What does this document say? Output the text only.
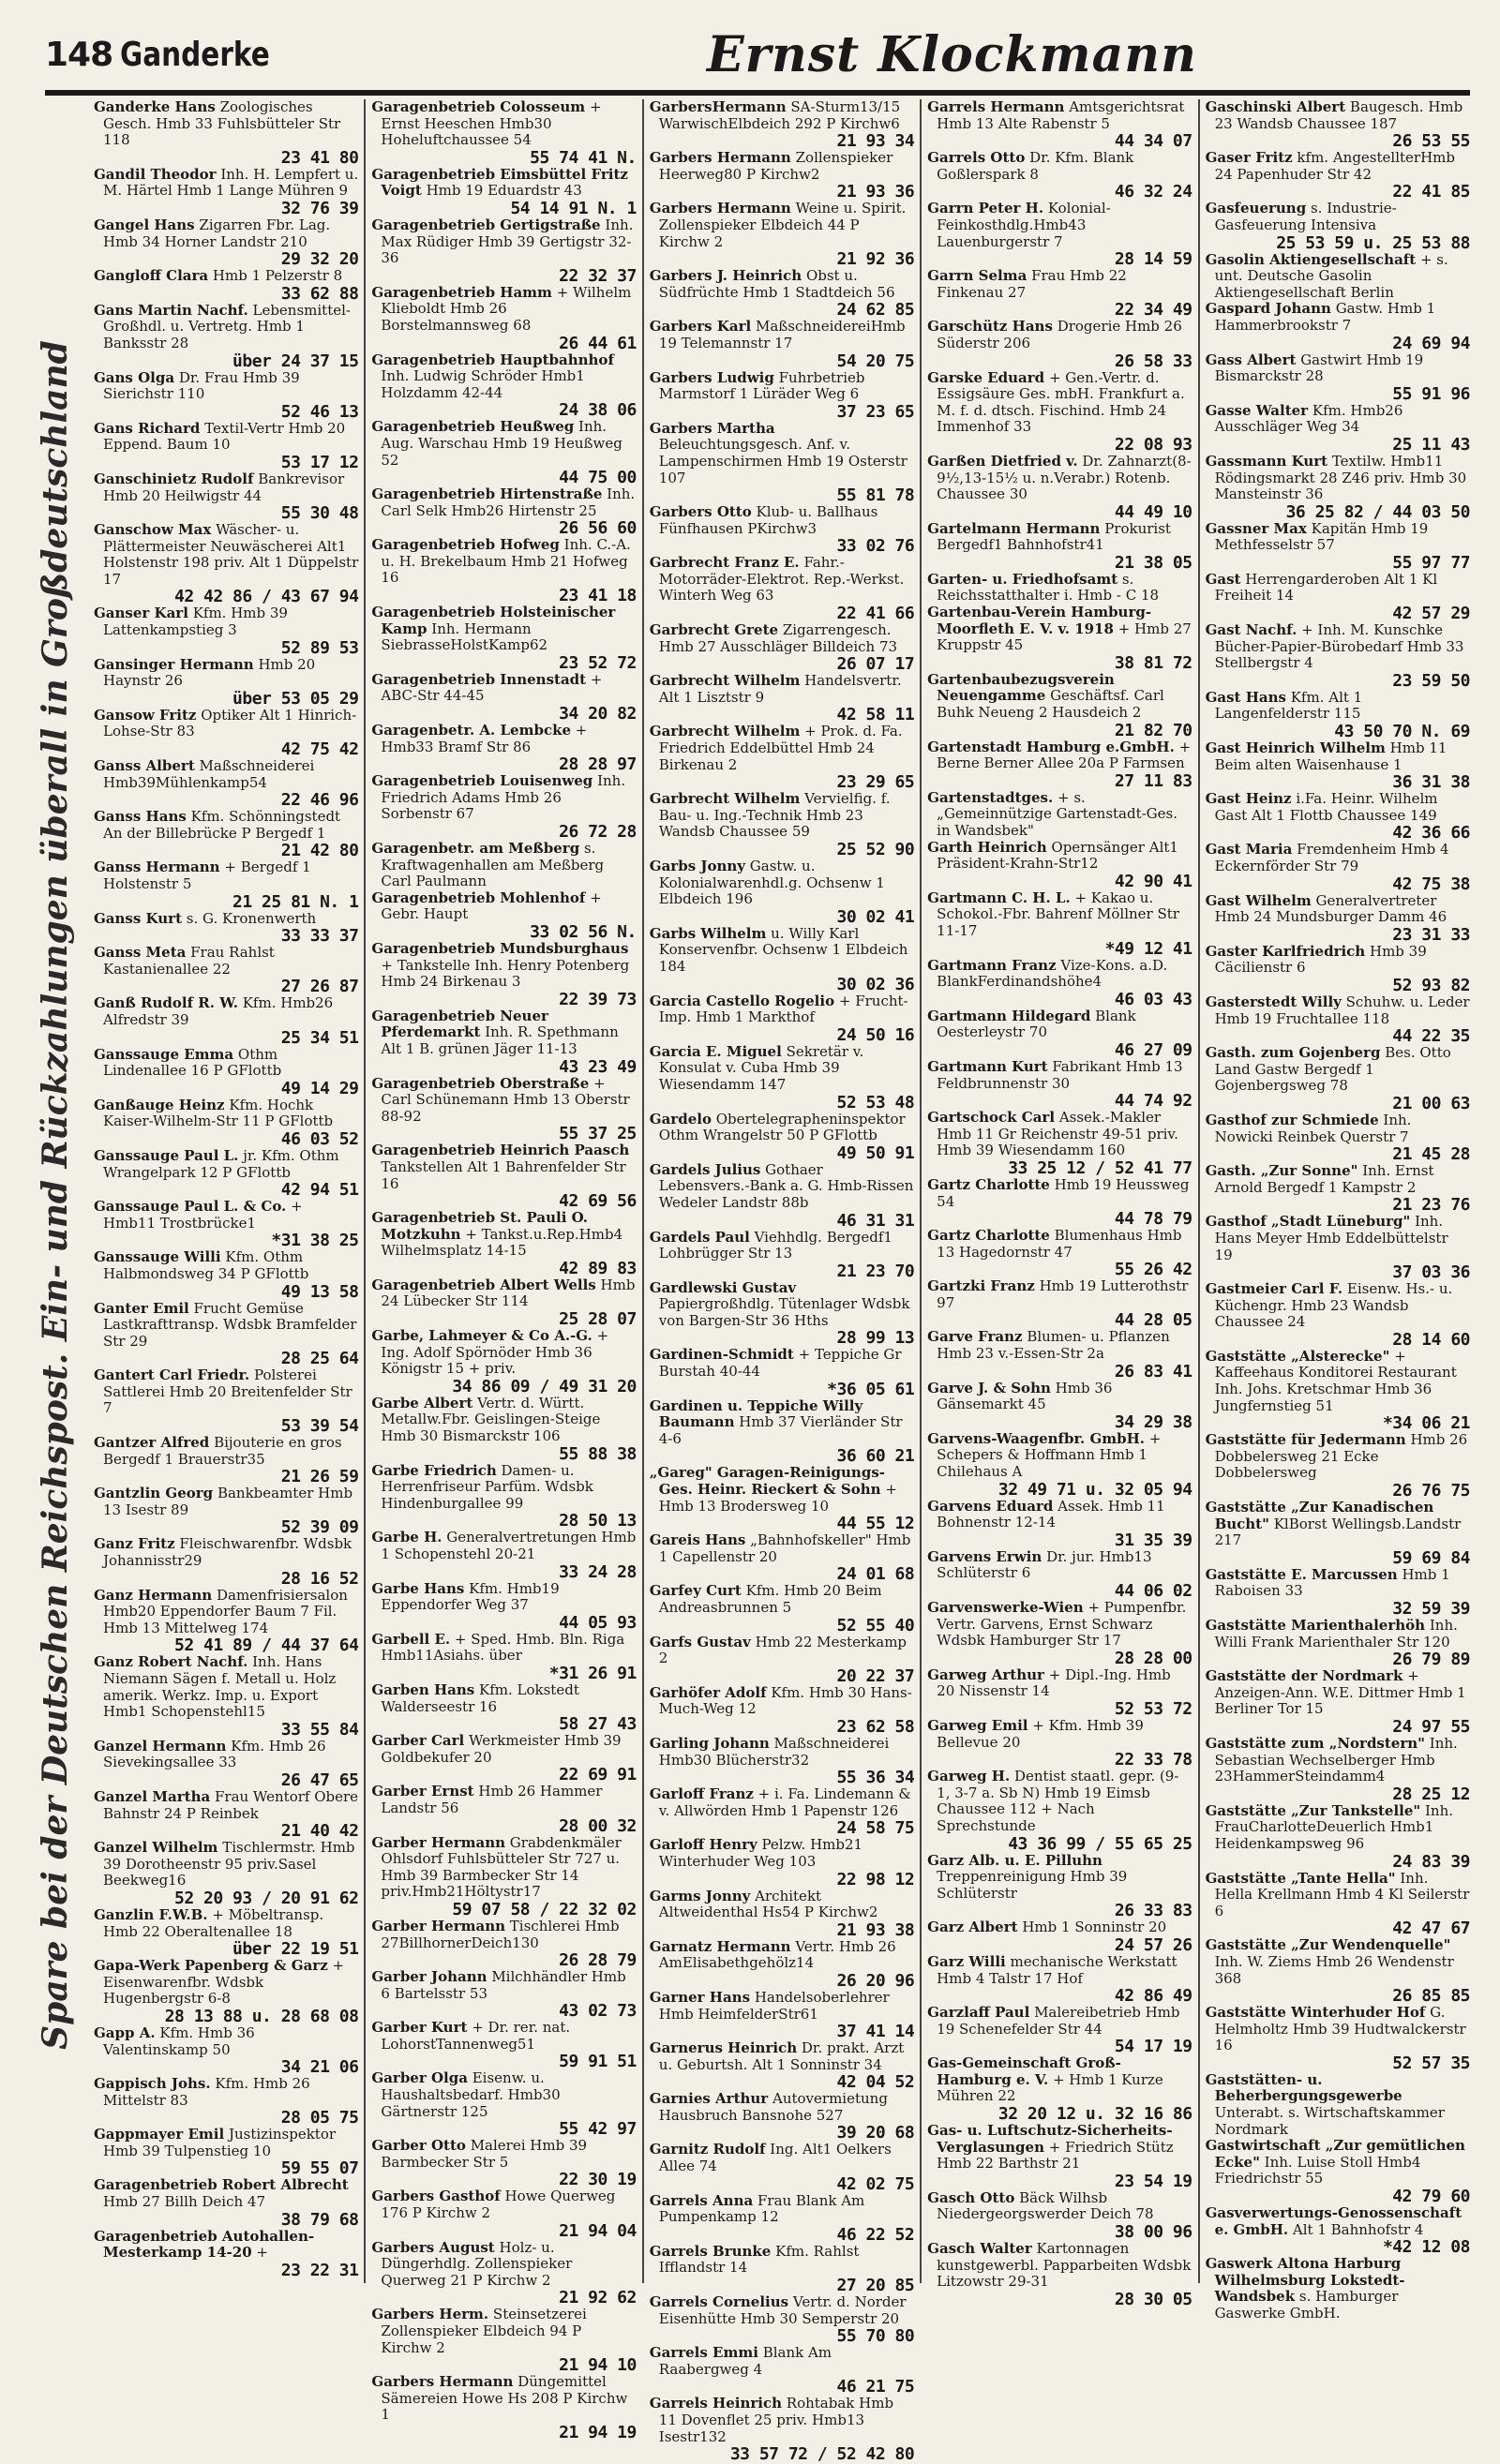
148 Ganderke	Ernst Klockmann
Spare bei der Deutschen Reichspost. Ein- und Rückzahlungen überall in Großdeutschland
Ganderke Hans Zoologisches Gesch. Hmb 33 Fuhlsbütteler Str 118
23 41 80
Gandil Theodor Inh. H. Lempfert u. M. Härtel Hmb 1 Lange Mühren 9
32 76 39
Gangel Hans Zigarren Fbr. Lag. Hmb 34 Horner Landstr 210
29 32 20
Gangloff Clara Hmb 1 Pelzerstr 8
33 62 88
Gans Martin Nachf. Lebensmittel-Großhdl. u. Vertretg. Hmb 1 Banksstr 28
über 24 37 15
Gans Olga Dr. Frau Hmb 39 Sierichstr 110
52 46 13
Gans Richard Textil-Vertr Hmb 20 Eppend. Baum 10
53 17 12
Ganschinietz Rudolf Bankrevisor Hmb 20 Heilwigstr 44
55 30 48
Ganschow Max Wäscher- u. Plättermeister Neuwäscherei Alt1 Holstenstr 198 priv. Alt 1 Düppelstr 17
42 42 86 / 43 67 94
Ganser Karl Kfm. Hmb 39 Lattenkampstieg 3
52 89 53
Gansinger Hermann Hmb 20 Haynstr 26
über 53 05 29
Gansow Fritz Optiker Alt 1 Hinrich-Lohse-Str 83
42 75 42
Ganss Albert Maßschneiderei Hmb39Mühlenkamp54
22 46 96
Ganss Hans Kfm. Schönningstedt An der Billebrücke P Bergedf 1
21 42 80
Ganss Hermann + Bergedf 1 Holstenstr 5
21 25 81 N. 1
Ganss Kurt s. G. Kronenwerth
33 33 37
Ganss Meta Frau Rahlst Kastanienallee 22
27 26 87
Ganß Rudolf R. W. Kfm. Hmb26 Alfredstr 39
25 34 51
Ganssauge Emma Othm Lindenallee 16 P GFlottb
49 14 29
Ganßauge Heinz Kfm. Hochk Kaiser-Wilhelm-Str 11 P GFlottb
46 03 52
Ganssauge Paul L. jr. Kfm. Othm Wrangelpark 12 P GFlottb
42 94 51
Ganssauge Paul L. & Co. + Hmb11 Trostbrücke1
*31 38 25
Ganssauge Willi Kfm. Othm Halbmondsweg 34 P GFlottb
49 13 58
Ganter Emil Frucht Gemüse Lastkrafttransp. Wdsbk Bramfelder Str 29
28 25 64
Gantert Carl Friedr. Polsterei Sattlerei Hmb 20 Breitenfelder Str 7
53 39 54
Gantzer Alfred Bijouterie en gros Bergedf 1 Brauerstr35
21 26 59
Gantzlin Georg Bankbeamter Hmb 13 Isestr 89
52 39 09
Ganz Fritz Fleischwarenfbr. Wdsbk Johannisstr29
28 16 52
Ganz Hermann Damenfrisiersalon Hmb20 Eppendorfer Baum 7 Fil. Hmb 13 Mittelweg 174
52 41 89 / 44 37 64
Ganz Robert Nachf. Inh. Hans Niemann Sägen f. Metall u. Holz amerik. Werkz. Imp. u. Export Hmb1 Schopenstehl15
33 55 84
Ganzel Hermann Kfm. Hmb 26 Sievekingsallee 33
26 47 65
Ganzel Martha Frau Wentorf Obere Bahnstr 24 P Reinbek
21 40 42
Ganzel Wilhelm Tischlermstr. Hmb 39 Dorotheenstr 95 priv.Sasel Beekweg16
52 20 93 / 20 91 62
Ganzlin F.W.B. + Möbeltransp. Hmb 22 Oberaltenallee 18
über 22 19 51
Gapa-Werk Papenberg & Garz + Eisenwarenfbr. Wdsbk Hugenbergstr 6-8
28 13 88 u. 28 68 08
Gapp A. Kfm. Hmb 36 Valentinskamp 50
34 21 06
Gappisch Johs. Kfm. Hmb 26 Mittelstr 83
28 05 75
Gappmayer Emil Justizinspektor Hmb 39 Tulpenstieg 10
59 55 07
Garagenbetrieb Robert Albrecht Hmb 27 Billh Deich 47
38 79 68
Garagenbetrieb Autohallen-Mesterkamp 14-20 +
23 22 31
Garagenbetrieb Colosseum + Ernst Heeschen Hmb30 Hoheluftchaussee 54
55 74 41 N.
Garagenbetrieb Eimsbüttel Fritz Voigt Hmb 19 Eduardstr 43
54 14 91 N. 1
Garagenbetrieb Gertigstraße Inh. Max Rüdiger Hmb 39 Gertigstr 32-36
22 32 37
Garagenbetrieb Hamm + Wilhelm Klieboldt Hmb 26 Borstelmannsweg 68
26 44 61
Garagenbetrieb Hauptbahnhof Inh. Ludwig Schröder Hmb1 Holzdamm 42-44
24 38 06
Garagenbetrieb Heußweg Inh. Aug. Warschau Hmb 19 Heußweg 52
44 75 00
Garagenbetrieb Hirtenstraße Inh. Carl Selk Hmb26 Hirtenstr 25
26 56 60
Garagenbetrieb Hofweg Inh. C.-A. u. H. Brekelbaum Hmb 21 Hofweg 16
23 41 18
Garagenbetrieb Holsteinischer Kamp Inh. Hermann SiebrasseHolstKamp62
23 52 72
Garagenbetrieb Innenstadt + ABC-Str 44-45
34 20 82
Garagenbetr. A. Lembcke + Hmb33 Bramf Str 86
28 28 97
Garagenbetrieb Louisenweg Inh. Friedrich Adams Hmb 26 Sorbenstr 67
26 72 28
Garagenbetr. am Meßberg s. Kraftwagenhallen am Meßberg Carl Paulmann
Garagenbetrieb Mohlenhof + Gebr. Haupt
33 02 56 N.
Garagenbetrieb Mundsburghaus + Tankstelle Inh. Henry Potenberg Hmb 24 Birkenau 3
22 39 73
Garagenbetrieb Neuer Pferdemarkt Inh. R. Spethmann Alt 1 B. grünen Jäger 11-13
43 23 49
Garagenbetrieb Oberstraße + Carl Schünemann Hmb 13 Oberstr 88-92
55 37 25
Garagenbetrieb Heinrich Paasch Tankstellen Alt 1 Bahrenfelder Str 16
42 69 56
Garagenbetrieb St. Pauli O. Motzkuhn + Tankst.u.Rep.Hmb4 Wilhelmsplatz 14-15
42 89 83
Garagenbetrieb Albert Wells Hmb 24 Lübecker Str 114
25 28 07
Garbe, Lahmeyer & Co A.-G. + Ing. Adolf Spörnöder Hmb 36 Königstr 15 + priv.
34 86 09 / 49 31 20
Garbe Albert Vertr. d. Württ. Metallw.Fbr. Geislingen-Steige Hmb 30 Bismarckstr 106
55 88 38
Garbe Friedrich Damen- u. Herrenfriseur Parfüm. Wdsbk Hindenburgallee 99
28 50 13
Garbe H. Generalvertretungen Hmb 1 Schopenstehl 20-21
33 24 28
Garbe Hans Kfm. Hmb19 Eppendorfer Weg 37
44 05 93
Garbell E. + Sped. Hmb. Bln. Riga Hmb11Asiahs. über
*31 26 91
Garben Hans Kfm. Lokstedt Walderseestr 16
58 27 43
Garber Carl Werkmeister Hmb 39 Goldbekufer 20
22 69 91
Garber Ernst Hmb 26 Hammer Landstr 56
28 00 32
Garber Hermann Grabdenkmäler Ohlsdorf Fuhlsbütteler Str 727 u. Hmb 39 Barmbecker Str 14 priv.Hmb21Höltystr17
59 07 58 / 22 32 02
Garber Hermann Tischlerei Hmb 27BillhornerDeich130
26 28 79
Garber Johann Milchhändler Hmb 6 Bartelsstr 53
43 02 73
Garber Kurt + Dr. rer. nat. LohorstTannenweg51
59 91 51
Garber Olga Eisenw. u. Haushaltsbedarf. Hmb30 Gärtnerstr 125
55 42 97
Garber Otto Malerei Hmb 39 Barmbecker Str 5
22 30 19
Garbers Gasthof Howe Querweg 176 P Kirchw 2
21 94 04
Garbers August Holz- u. Düngerhdlg. Zollenspieker Querweg 21 P Kirchw 2
21 92 62
Garbers Herm. Steinsetzerei Zollenspieker Elbdeich 94 P Kirchw 2
21 94 10
Garbers Hermann Düngemittel Sämereien Howe Hs 208 P Kirchw 1
21 94 19
GarbersHermann SA-Sturm13/15 WarwischElbdeich 292 P Kirchw6
21 93 34
Garbers Hermann Zollenspieker Heerweg80 P Kirchw2
21 93 36
Garbers Hermann Weine u. Spirit. Zollenspieker Elbdeich 44 P Kirchw 2
21 92 36
Garbers J. Heinrich Obst u. Südfrüchte Hmb 1 Stadtdeich 56
24 62 85
Garbers Karl MaßschneidereiHmb 19 Telemannstr 17
54 20 75
Garbers Ludwig Fuhrbetrieb Marmstorf 1 Lüräder Weg 6
37 23 65
Garbers Martha Beleuchtungsgesch. Anf. v. Lampenschirmen Hmb 19 Osterstr 107
55 81 78
Garbers Otto Klub- u. Ballhaus Fünfhausen PKirchw3
33 02 76
Garbrecht Franz E. Fahr.-Motorräder-Elektrot. Rep.-Werkst. Winterh Weg 63
22 41 66
Garbrecht Grete Zigarrengesch. Hmb 27 Ausschläger Billdeich 73
26 07 17
Garbrecht Wilhelm Handelsvertr. Alt 1 Lisztstr 9
42 58 11
Garbrecht Wilhelm + Prok. d. Fa. Friedrich Eddelbüttel Hmb 24 Birkenau 2
23 29 65
Garbrecht Wilhelm Vervielfig. f. Bau- u. Ing.-Technik Hmb 23 Wandsb Chaussee 59
25 52 90
Garbs Jonny Gastw. u. Kolonialwarenhdl.g. Ochsenw 1 Elbdeich 196
30 02 41
Garbs Wilhelm u. Willy Karl Konservenfbr. Ochsenw 1 Elbdeich 184
30 02 36
Garcia Castello Rogelio + Frucht-Imp. Hmb 1 Markthof
24 50 16
Garcia E. Miguel Sekretär v. Konsulat v. Cuba Hmb 39 Wiesendamm 147
52 53 48
Gardelo Obertelegrapheninspektor Othm Wrangelstr 50 P GFlottb
49 50 91
Gardels Julius Gothaer Lebensvers.-Bank a. G. Hmb-Rissen Wedeler Landstr 88b
46 31 31
Gardels Paul Viehhdlg. Bergedf1 Lohbrügger Str 13
21 23 70
Gardlewski Gustav Papiergroßhdlg. Tütenlager Wdsbk von Bargen-Str 36 Hths
28 99 13
Gardinen-Schmidt + Teppiche Gr Burstah 40-44
*36 05 61
Gardinen u. Teppiche Willy Baumann Hmb 37 Vierländer Str 4-6
36 60 21
„Gareg" Garagen-Reinigungs-Ges. Heinr. Rieckert & Sohn + Hmb 13 Brodersweg 10
44 55 12
Gareis Hans „Bahnhofskeller" Hmb 1 Capellenstr 20
24 01 68
Garfey Curt Kfm. Hmb 20 Beim Andreasbrunnen 5
52 55 40
Garfs Gustav Hmb 22 Mesterkamp 2
20 22 37
Garhöfer Adolf Kfm. Hmb 30 Hans-Much-Weg 12
23 62 58
Garling Johann Maßschneiderei Hmb30 Blücherstr32
55 36 34
Garloff Franz + i. Fa. Lindemann & v. Allwörden Hmb 1 Papenstr 126
24 58 75
Garloff Henry Pelzw. Hmb21 Winterhuder Weg 103
22 98 12
Garms Jonny Architekt Altweidenthal Hs54 P Kirchw2
21 93 38
Garnatz Hermann Vertr. Hmb 26 AmElisabethgehölz14
26 20 96
Garner Hans Handelsoberlehrer Hmb HeimfelderStr61
37 41 14
Garnerus Heinrich Dr. prakt. Arzt u. Geburtsh. Alt 1 Sonninstr 34
42 04 52
Garnies Arthur Autovermietung Hausbruch Bansnohe 527
39 20 68
Garnitz Rudolf Ing. Alt1 Oelkers Allee 74
42 02 75
Garrels Anna Frau Blank Am Pumpenkamp 12
46 22 52
Garrels Brunke Kfm. Rahlst Ifflandstr 14
27 20 85
Garrels Cornelius Vertr. d. Norder Eisenhütte Hmb 30 Semperstr 20
55 70 80
Garrels Emmi Blank Am Raabergweg 4
46 21 75
Garrels Heinrich Rohtabak Hmb 11 Dovenflet 25 priv. Hmb13 Isestr132
33 57 72 / 52 42 80
Garrels Hermann Amtsgerichtsrat Hmb 13 Alte Rabenstr 5
44 34 07
Garrels Otto Dr. Kfm. Blank Goßlerspark 8
46 32 24
Garrn Peter H. Kolonial- Feinkosthdlg.Hmb43 Lauenburgerstr 7
28 14 59
Garrn Selma Frau Hmb 22 Finkenau 27
22 34 49
Garschütz Hans Drogerie Hmb 26 Süderstr 206
26 58 33
Garske Eduard + Gen.-Vertr. d. Essigsäure Ges. mbH. Frankfurt a. M. f. d. dtsch. Fischind. Hmb 24 Immenhof 33
22 08 93
Garßen Dietfried v. Dr. Zahnarzt(8-9½,13-15½ u. n.Verabr.) Rotenb. Chaussee 30
44 49 10
Gartelmann Hermann Prokurist Bergedf1 Bahnhofstr41
21 38 05
Garten- u. Friedhofsamt s. Reichsstatthalter i. Hmb - C 18
Gartenbau-Verein Hamburg-Moorfleth E. V. v. 1918 + Hmb 27 Kruppstr 45
38 81 72
Gartenbaubezugsverein Neuengamme Geschäftsf. Carl Buhk Neueng 2 Hausdeich 2
21 82 70
Gartenstadt Hamburg e.GmbH. + Berne Berner Allee 20a P Farmsen
27 11 83
Gartenstadtges. + s. „Gemeinnützige Gartenstadt-Ges. in Wandsbek"
Garth Heinrich Opernsänger Alt1 Präsident-Krahn-Str12
42 90 41
Gartmann C. H. L. + Kakao u. Schokol.-Fbr. Bahrenf Möllner Str 11-17
*49 12 41
Gartmann Franz Vize-Kons. a.D. BlankFerdinandshöhe4
46 03 43
Gartmann Hildegard Blank Oesterleystr 70
46 27 09
Gartmann Kurt Fabrikant Hmb 13 Feldbrunnenstr 30
44 74 92
Gartschock Carl Assek.-Makler Hmb 11 Gr Reichenstr 49-51 priv. Hmb 39 Wiesendamm 160
33 25 12 / 52 41 77
Gartz Charlotte Hmb 19 Heussweg 54
44 78 79
Gartz Charlotte Blumenhaus Hmb 13 Hagedornstr 47
55 26 42
Gartzki Franz Hmb 19 Lutterothstr 97
44 28 05
Garve Franz Blumen- u. Pflanzen Hmb 23 v.-Essen-Str 2a
26 83 41
Garve J. & Sohn Hmb 36 Gänsemarkt 45
34 29 38
Garvens-Waagenfbr. GmbH. + Schepers & Hoffmann Hmb 1 Chilehaus A
32 49 71 u. 32 05 94
Garvens Eduard Assek. Hmb 11 Bohnenstr 12-14
31 35 39
Garvens Erwin Dr. jur. Hmb13 Schlüterstr 6
44 06 02
Garvenswerke-Wien + Pumpenfbr. Vertr. Garvens, Ernst Schwarz Wdsbk Hamburger Str 17
28 28 00
Garweg Arthur + Dipl.-Ing. Hmb 20 Nissenstr 14
52 53 72
Garweg Emil + Kfm. Hmb 39 Bellevue 20
22 33 78
Garweg H. Dentist staatl. gepr. (9-1, 3-7 a. Sb N) Hmb 19 Eimsb Chaussee 112 + Nach Sprechstunde
43 36 99 / 55 65 25
Garz Alb. u. E. Pilluhn Treppenreinigung Hmb 39 Schlüterstr
26 33 83
Garz Albert Hmb 1 Sonninstr 20
24 57 26
Garz Willi mechanische Werkstatt Hmb 4 Talstr 17 Hof
42 86 49
Garzlaff Paul Malereibetrieb Hmb 19 Schenefelder Str 44
54 17 19
Gas-Gemeinschaft Groß-Hamburg e. V. + Hmb 1 Kurze Mühren 22
32 20 12 u. 32 16 86
Gas- u. Luftschutz-Sicherheits-Verglasungen + Friedrich Stütz Hmb 22 Barthstr 21
23 54 19
Gasch Otto Bäck Wilhsb Niedergeorgswerder Deich 78
38 00 96
Gasch Walter Kartonnagen kunstgewerbl. Papparbeiten Wdsbk Litzowstr 29-31
28 30 05
Gaschinski Albert Baugesch. Hmb 23 Wandsb Chaussee 187
26 53 55
Gaser Fritz kfm. AngestellterHmb 24 Papenhuder Str 42
22 41 85
Gasfeuerung s. Industrie-Gasfeuerung Intensiva
25 53 59 u. 25 53 88
Gasolin Aktiengesellschaft + s. unt. Deutsche Gasolin Aktiengesellschaft Berlin
Gaspard Johann Gastw. Hmb 1 Hammerbrookstr 7
24 69 94
Gass Albert Gastwirt Hmb 19 Bismarckstr 28
55 91 96
Gasse Walter Kfm. Hmb26 Ausschläger Weg 34
25 11 43
Gassmann Kurt Textilw. Hmb11 Rödingsmarkt 28 Z46 priv. Hmb 30 Mansteinstr 36
36 25 82 / 44 03 50
Gassner Max Kapitän Hmb 19 Methfesselstr 57
55 97 77
Gast Herrengarderoben Alt 1 Kl Freiheit 14
42 57 29
Gast Nachf. + Inh. M. Kunschke Bücher-Papier-Bürobedarf Hmb 33 Stellbergstr 4
23 59 50
Gast Hans Kfm. Alt 1 Langenfelderstr 115
43 50 70 N. 69
Gast Heinrich Wilhelm Hmb 11 Beim alten Waisenhause 1
36 31 38
Gast Heinz i.Fa. Heinr. Wilhelm Gast Alt 1 Flottb Chaussee 149
42 36 66
Gast Maria Fremdenheim Hmb 4 Eckernförder Str 79
42 75 38
Gast Wilhelm Generalvertreter Hmb 24 Mundsburger Damm 46
23 31 33
Gaster Karlfriedrich Hmb 39 Cäcilienstr 6
52 93 82
Gasterstedt Willy Schuhw. u. Leder Hmb 19 Fruchtallee 118
44 22 35
Gasth. zum Gojenberg Bes. Otto Land Gastw Bergedf 1 Gojenbergsweg 78
21 00 63
Gasthof zur Schmiede Inh. Nowicki Reinbek Querstr 7
21 45 28
Gasth. „Zur Sonne" Inh. Ernst Arnold Bergedf 1 Kampstr 2
21 23 76
Gasthof „Stadt Lüneburg" Inh. Hans Meyer Hmb Eddelbüttelstr 19
37 03 36
Gastmeier Carl F. Eisenw. Hs.- u. Küchengr. Hmb 23 Wandsb Chaussee 24
28 14 60
Gaststätte „Alsterecke" + Kaffeehaus Konditorei Restaurant Inh. Johs. Kretschmar Hmb 36 Jungfernstieg 51
*34 06 21
Gaststätte für Jedermann Hmb 26 Dobbelersweg 21 Ecke Dobbelersweg
26 76 75
Gaststätte „Zur Kanadischen Bucht" KlBorst Wellingsb.Landstr 217
59 69 84
Gaststätte E. Marcussen Hmb 1 Raboisen 33
32 59 39
Gaststätte Marienthalerhöh Inh. Willi Frank Marienthaler Str 120
26 79 89
Gaststätte der Nordmark + Anzeigen-Ann. W.E. Dittmer Hmb 1 Berliner Tor 15
24 97 55
Gaststätte zum „Nordstern" Inh. Sebastian Wechselberger Hmb 23HammerSteindamm4
28 25 12
Gaststätte „Zur Tankstelle" Inh. FrauCharlotteDeuerlich Hmb1 Heidenkampsweg 96
24 83 39
Gaststätte „Tante Hella" Inh. Hella Krellmann Hmb 4 Kl Seilerstr 6
42 47 67
Gaststätte „Zur Wendenquelle" Inh. W. Ziems Hmb 26 Wendenstr 368
26 85 85
Gaststätte Winterhuder Hof G. Helmholtz Hmb 39 Hudtwalckerstr 16
52 57 35
Gaststätten- u. Beherbergungsgewerbe Unterabt. s. Wirtschaftskammer Nordmark
Gastwirtschaft „Zur gemütlichen Ecke" Inh. Luise Stoll Hmb4 Friedrichstr 55
42 79 60
Gasverwertungs-Genossenschaft e. GmbH. Alt 1 Bahnhofstr 4
*42 12 08
Gaswerk Altona Harburg Wilhelmsburg Lokstedt-Wandsbek s. Hamburger Gaswerke GmbH.
